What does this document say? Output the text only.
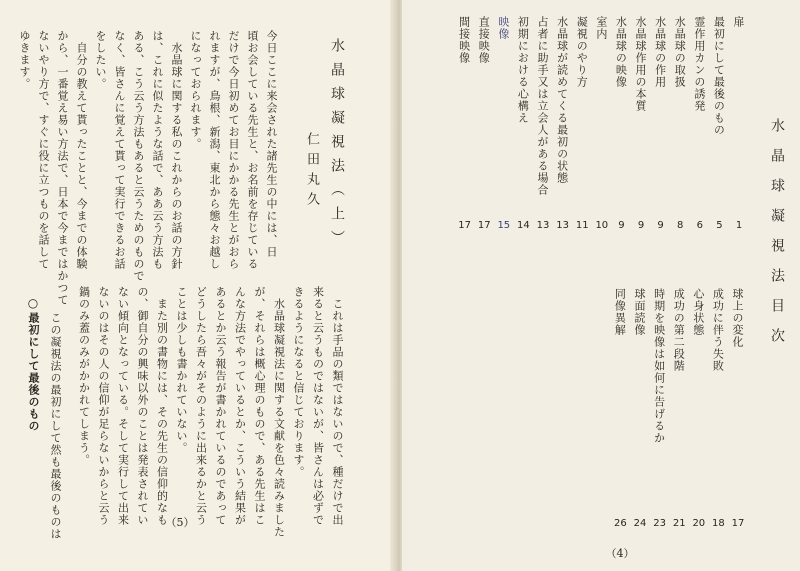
水晶球凝視法（上）
仁田丸久
今日ここに来会された諸先生の中には、日
頃お会している先生と、お名前を存じている
だけで今日初めてお目にかかる先生とがおら
れますが、鳥根、新潟、東北から態々お越し
になっておられます。
　水晶球に関する私のこれからのお話の方針
は、これに似たような話で、ああ云う方法も
ある、こう云う方法もあると云うためのもので
なく、皆さんに覚えて貰って実行できるお話
をしたい。
　自分の教えて貰ったことと、今までの体験
から、一番覚え易い方法で、日本で今まではかつて
ないやり方で、すぐに役に立つものを話して
ゆきます。
　これは手品の類ではないので、種だけで出
来ると云うものではないが、皆さんは必ずで
きるようになると信じております。
　水晶球凝視法に関する文献を色々読みました
が、それらは概心理のもので、ある先生はこ
んな方法でやっているとか、こういう結果が
あるとか云う報告が書かれているのであって
どうしたら吾々がそのように出来るかと云う
ことは少しも書かれていない。
　また別の書物には、その先生の信仰的なも
の、御自分の興味以外のことは発表されてい
ない傾向となっている。そして実行して出来
ないのはその人の信仰が足らないからと云う
鍋のみ蓋のみがかかれてしまう。
○
最初にして最後のもの 　この凝視法の最初にして然も最後のものは	（5）
水晶球凝視法目次
扉
1
最初にして最後のもの
5
霊作用カンの誘発
6
水晶球の取扱
8
水晶球の作用
9
水晶球作用の本質
9
水晶球の映像
9
室内
10
凝視のやり方
11
水晶球が読めてくる最初の状態
13
占者に助手又は立会人がある場合
13
初期における心構え
14
映像
15
直接映像
17
間接映像
17
球上の変化
17
成功に伴う失敗
18
心身状態
20
成功の第二段階
21
時期を映像は如何に告げるか
23
球面読像
24
同像異解
26
（4）
